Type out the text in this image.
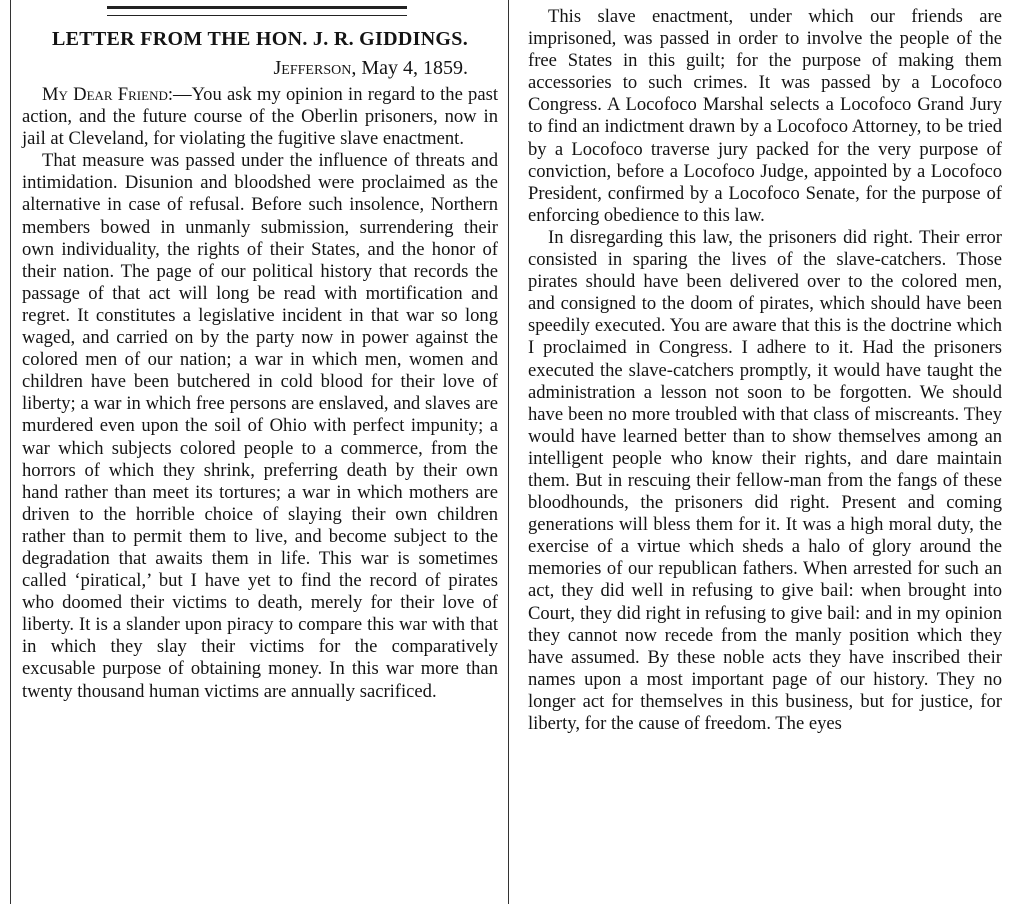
LETTER FROM THE HON. J. R. GIDDINGS.
Jefferson, May 4, 1859.

My Dear Friend:—You ask my opinion in regard to the past action, and the future course of the Oberlin prisoners, now in jail at Cleveland, for violating the fugitive slave enactment.

That measure was passed under the influence of threats and intimidation. Disunion and bloodshed were proclaimed as the alternative in case of refusal. Before such insolence, Northern members bowed in unmanly submission, surrendering their own individuality, the rights of their States, and the honor of their nation. The page of our political history that records the passage of that act will long be read with mortification and regret. It constitutes a legislative incident in that war so long waged, and carried on by the party now in power against the colored men of our nation; a war in which men, women and children have been butchered in cold blood for their love of liberty; a war in which free persons are enslaved, and slaves are murdered even upon the soil of Ohio with perfect impunity; a war which subjects colored people to a commerce, from the horrors of which they shrink, preferring death by their own hand rather than meet its tortures; a war in which mothers are driven to the horrible choice of slaying their own children rather than to permit them to live, and become subject to the degradation that awaits them in life. This war is sometimes called ‘piratical,’ but I have yet to find the record of pirates who doomed their victims to death, merely for their love of liberty. It is a slander upon piracy to compare this war with that in which they slay their victims for the comparatively excusable purpose of obtaining money. In this war more than twenty thousand human victims are annually sacrificed.

This slave enactment, under which our friends are imprisoned, was passed in order to involve the people of the free States in this guilt; for the purpose of making them accessories to such crimes. It was passed by a Locofoco Congress. A Locofoco Marshal selects a Locofoco Grand Jury to find an indictment drawn by a Locofoco Attorney, to be tried by a Locofoco traverse jury packed for the very purpose of conviction, before a Locofoco Judge, appointed by a Locofoco President, confirmed by a Locofoco Senate, for the purpose of enforcing obedience to this law.

In disregarding this law, the prisoners did right. Their error consisted in sparing the lives of the slave-catchers. Those pirates should have been delivered over to the colored men, and consigned to the doom of pirates, which should have been speedily executed. You are aware that this is the doctrine which I proclaimed in Congress. I adhere to it. Had the prisoners executed the slave-catchers promptly, it would have taught the administration a lesson not soon to be forgotten. We should have been no more troubled with that class of miscreants. They would have learned better than to show themselves among an intelligent people who know their rights, and dare maintain them. But in rescuing their fellow-man from the fangs of these bloodhounds, the prisoners did right. Present and coming generations will bless them for it. It was a high moral duty, the exercise of a virtue which sheds a halo of glory around the memories of our republican fathers. When arrested for such an act, they did well in refusing to give bail: when brought into Court, they did right in refusing to give bail: and in my opinion they cannot now recede from the manly position which they have assumed. By these noble acts they have inscribed their names upon a most important page of our history. They no longer act for themselves in this business, but for justice, for liberty, for the cause of freedom. The eyes
